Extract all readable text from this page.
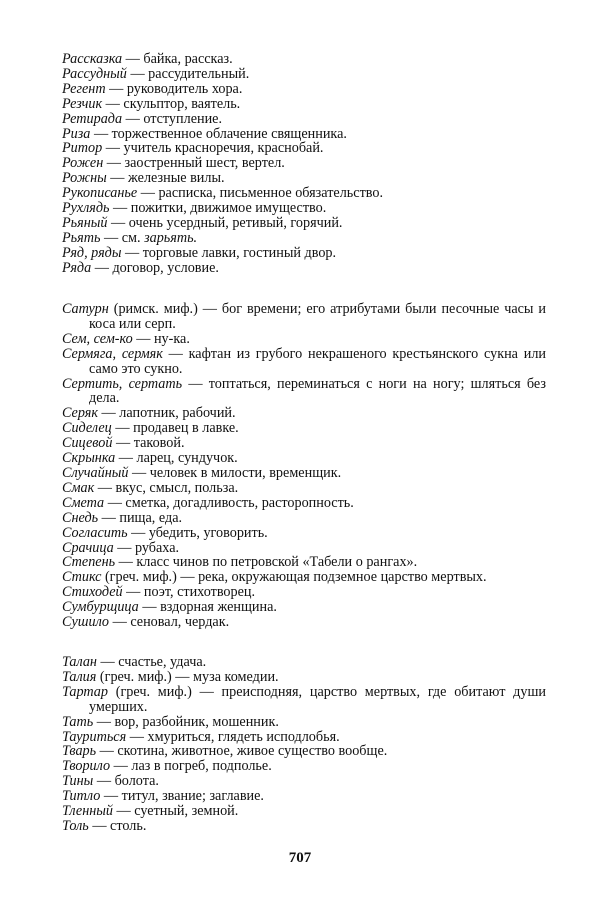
Рассказка — байка, рассказ.
Рассудный — рассудительный.
Регент — руководитель хора.
Резчик — скульптор, ваятель.
Ретирада — отступление.
Риза — торжественное облачение священника.
Ритор — учитель красноречия, краснобай.
Рожен — заостренный шест, вертел.
Рожны — железные вилы.
Рукописанье — расписка, письменное обязательство.
Рухлядь — пожитки, движимое имущество.
Рьяный — очень усердный, ретивый, горячий.
Рьять — см. зарьять.
Ряд, ряды — торговые лавки, гостиный двор.
Ряда — договор, условие.
Сатурн (римск. миф.) — бог времени; его атрибутами были песочные часы и коса или серп.
Сем, сем-ко — ну-ка.
Сермяга, сермяк — кафтан из грубого некрашеного крестьянского сукна или само это сукно.
Сертить, сертать — топтаться, переминаться с ноги на ногу; шляться без дела.
Серяк — лапотник, рабочий.
Сиделец — продавец в лавке.
Сицевой — таковой.
Скрынка — ларец, сундучок.
Случайный — человек в милости, временщик.
Смак — вкус, смысл, польза.
Смета — сметка, догадливость, расторопность.
Снедь — пища, еда.
Согласить — убедить, уговорить.
Срачица — рубаха.
Степень — класс чинов по петровской «Табели о рангах».
Стикс (греч. миф.) — река, окружающая подземное царство мертвых.
Стиходей — поэт, стихотворец.
Сумбурщица — вздорная женщина.
Сушило — сеновал, чердак.
Талан — счастье, удача.
Талия (греч. миф.) — муза комедии.
Тартар (греч. миф.) — преисподняя, царство мертвых, где обитают души умерших.
Тать — вор, разбойник, мошенник.
Тауриться — хмуриться, глядеть исподлобья.
Тварь — скотина, животное, живое существо вообще.
Творило — лаз в погреб, подполье.
Тины — болота.
Титло — титул, звание; заглавие.
Тленный — суетный, земной.
Толь — столь.
707
